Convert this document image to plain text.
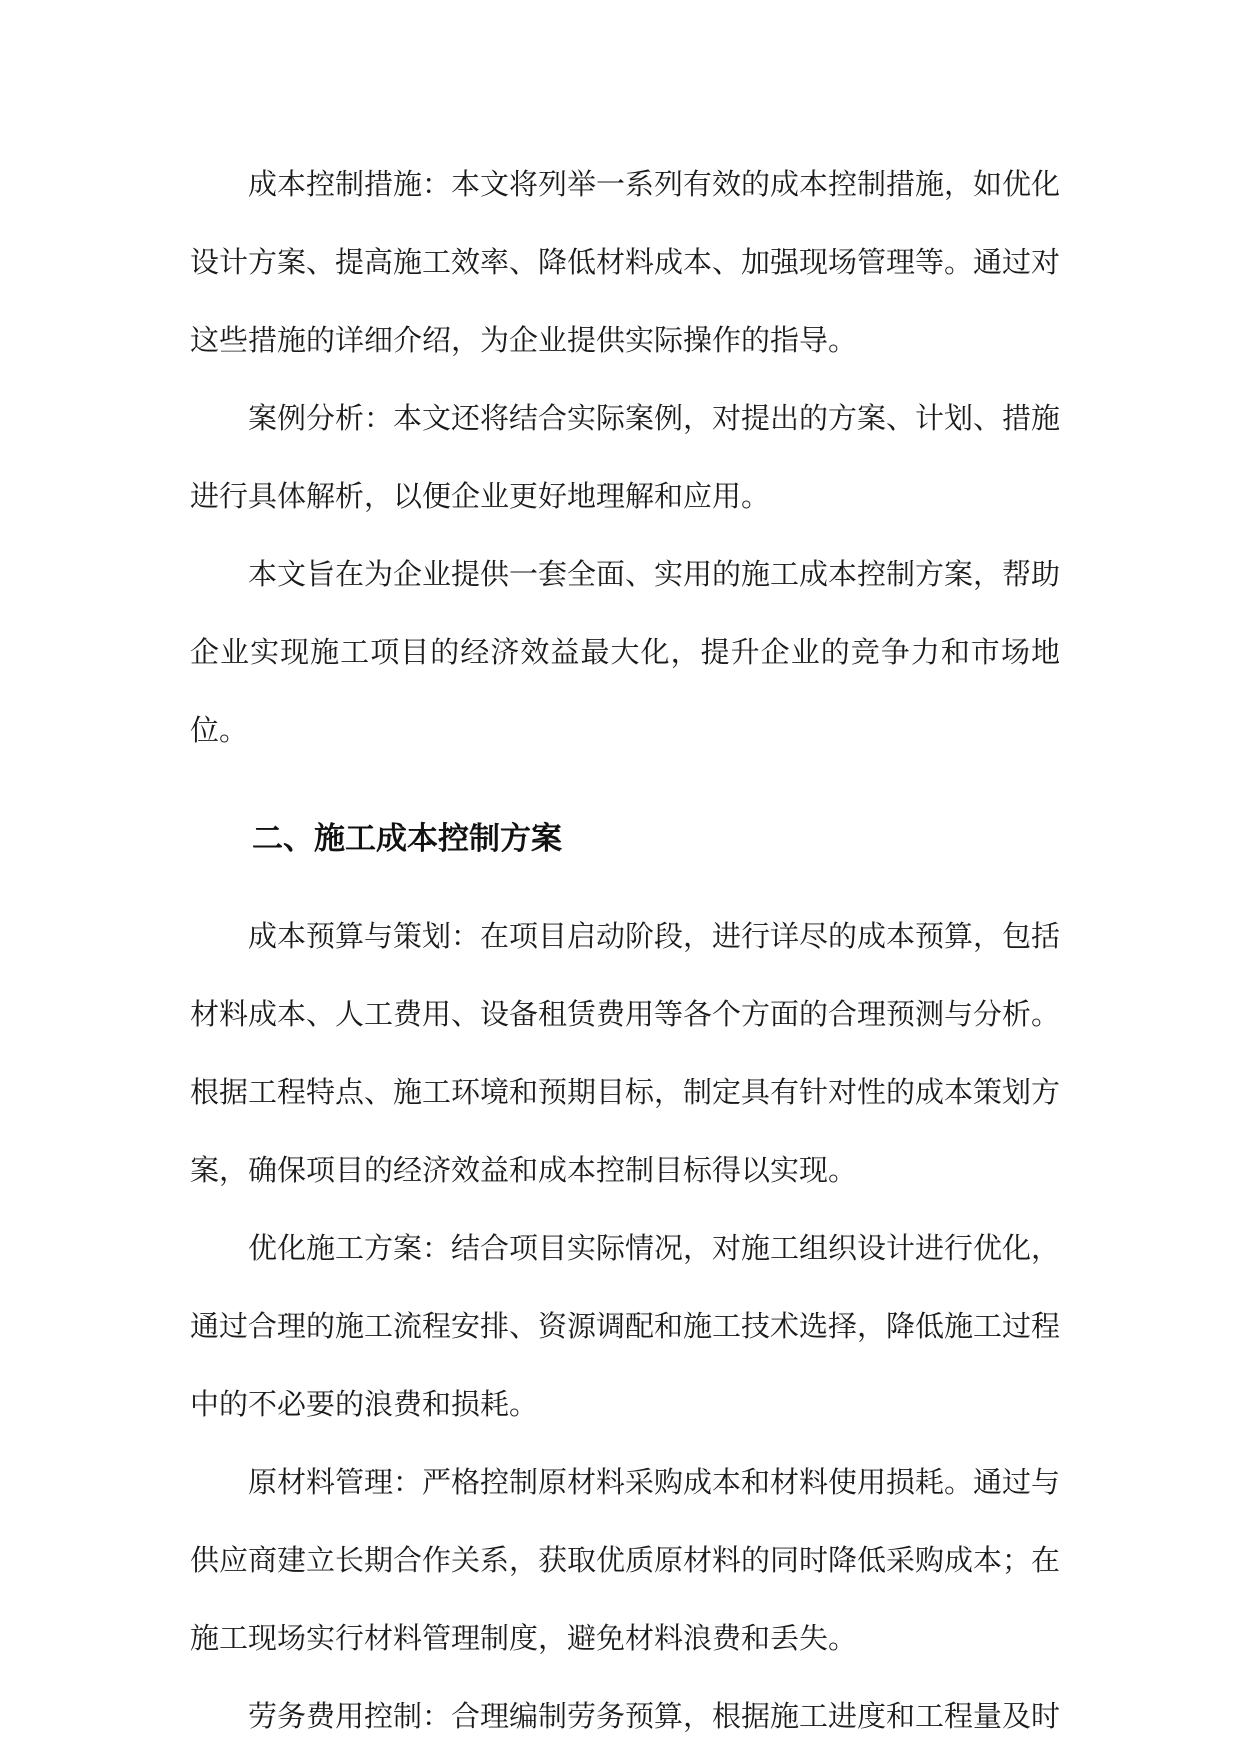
成本控制措施：本文将列举一系列有效的成本控制措施，如优化设计方案、提高施工效率、降低材料成本、加强现场管理等。通过对这些措施的详细介绍，为企业提供实际操作的指导。

案例分析：本文还将结合实际案例，对提出的方案、计划、措施进行具体解析，以便企业更好地理解和应用。

本文旨在为企业提供一套全面、实用的施工成本控制方案，帮助企业实现施工项目的经济效益最大化，提升企业的竞争力和市场地位。

二、施工成本控制方案

成本预算与策划：在项目启动阶段，进行详尽的成本预算，包括材料成本、人工费用、设备租赁费用等各个方面的合理预测与分析。根据工程特点、施工环境和预期目标，制定具有针对性的成本策划方案，确保项目的经济效益和成本控制目标得以实现。

优化施工方案：结合项目实际情况，对施工组织设计进行优化，通过合理的施工流程安排、资源调配和施工技术选择，降低施工过程中的不必要的浪费和损耗。

原材料管理：严格控制原材料采购成本和材料使用损耗。通过与供应商建立长期合作关系，获取优质原材料的同时降低采购成本；在施工现场实行材料管理制度，避免材料浪费和丢失。

劳务费用控制：合理编制劳务预算，根据施工进度和工程量及时
